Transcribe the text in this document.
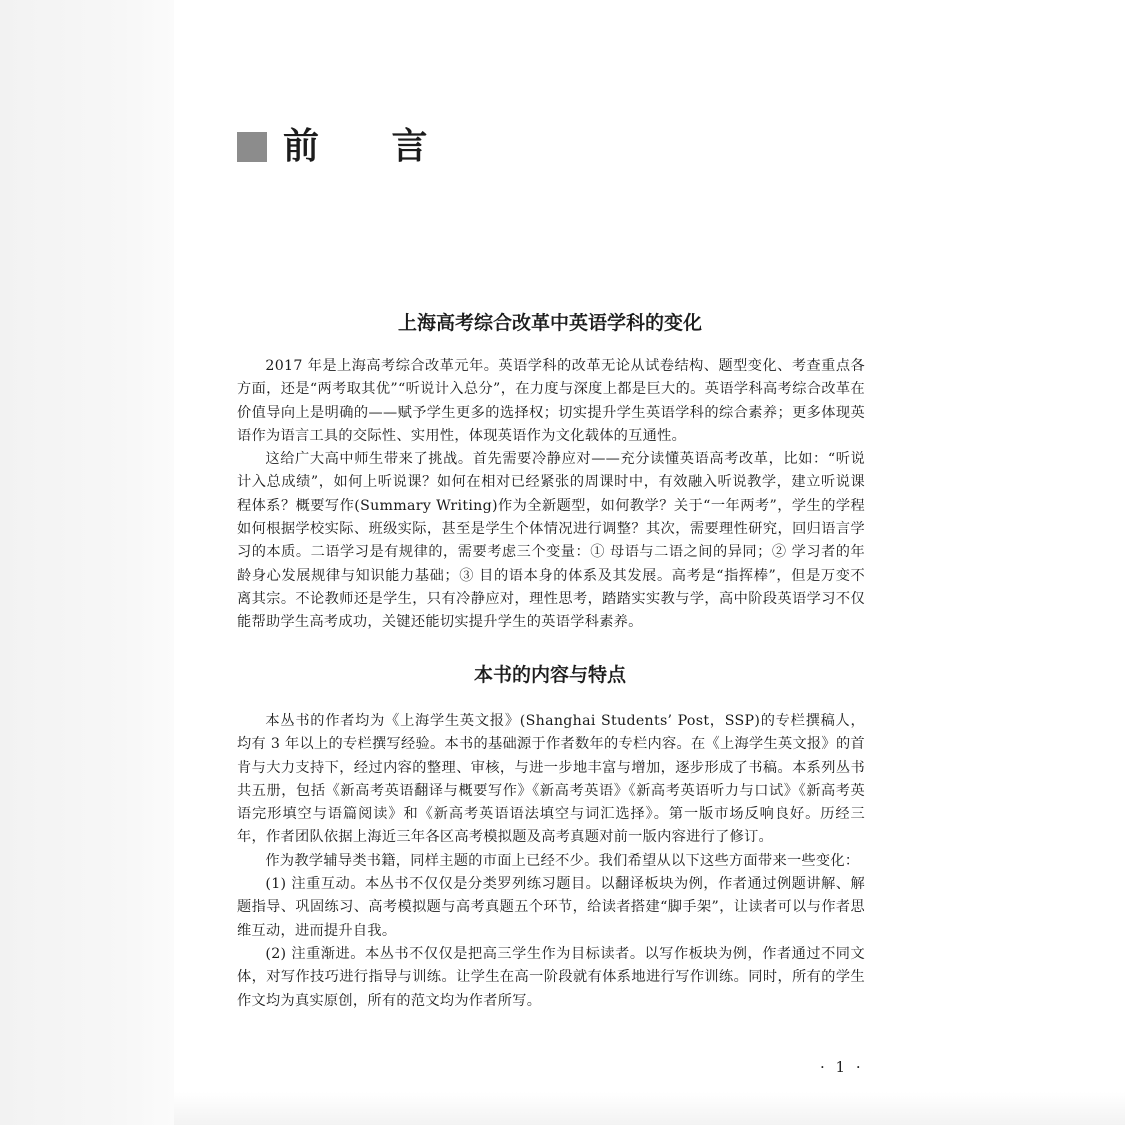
前 言
上海高考综合改革中英语学科的变化

2017 年是上海高考综合改革元年。英语学科的改革无论从试卷结构、题型变化、考查重点各方面，还是“两考取其优”“听说计入总分”，在力度与深度上都是巨大的。英语学科高考综合改革在价值导向上是明确的——赋予学生更多的选择权；切实提升学生英语学科的综合素养；更多体现英语作为语言工具的交际性、实用性，体现英语作为文化载体的互通性。

这给广大高中师生带来了挑战。首先需要冷静应对——充分读懂英语高考改革，比如：“听说计入总成绩”，如何上听说课？如何在相对已经紧张的周课时中，有效融入听说教学，建立听说课程体系？概要写作(Summary Writing)作为全新题型，如何教学？关于“一年两考”，学生的学程如何根据学校实际、班级实际，甚至是学生个体情况进行调整？其次，需要理性研究，回归语言学习的本质。二语学习是有规律的，需要考虑三个变量：① 母语与二语之间的异同；② 学习者的年龄身心发展规律与知识能力基础；③ 目的语本身的体系及其发展。高考是“指挥棒”，但是万变不离其宗。不论教师还是学生，只有冷静应对，理性思考，踏踏实实教与学，高中阶段英语学习不仅能帮助学生高考成功，关键还能切实提升学生的英语学科素养。

本书的内容与特点

本丛书的作者均为《上海学生英文报》(Shanghai Students’ Post，SSP)的专栏撰稿人，均有 3 年以上的专栏撰写经验。本书的基础源于作者数年的专栏内容。在《上海学生英文报》的首肯与大力支持下，经过内容的整理、审核，与进一步地丰富与增加，逐步形成了书稿。本系列丛书共五册，包括《新高考英语翻译与概要写作》《新高考英语》《新高考英语听力与口试》《新高考英语完形填空与语篇阅读》和《新高考英语语法填空与词汇选择》。第一版市场反响良好。历经三年，作者团队依据上海近三年各区高考模拟题及高考真题对前一版内容进行了修订。

作为教学辅导类书籍，同样主题的市面上已经不少。我们希望从以下这些方面带来一些变化：

(1) 注重互动。本丛书不仅仅是分类罗列练习题目。以翻译板块为例，作者通过例题讲解、解题指导、巩固练习、高考模拟题与高考真题五个环节，给读者搭建“脚手架”，让读者可以与作者思维互动，进而提升自我。

(2) 注重渐进。本丛书不仅仅是把高三学生作为目标读者。以写作板块为例，作者通过不同文体，对写作技巧进行指导与训练。让学生在高一阶段就有体系地进行写作训练。同时，所有的学生作文均为真实原创，所有的范文均为作者所写。

· 1 ·
